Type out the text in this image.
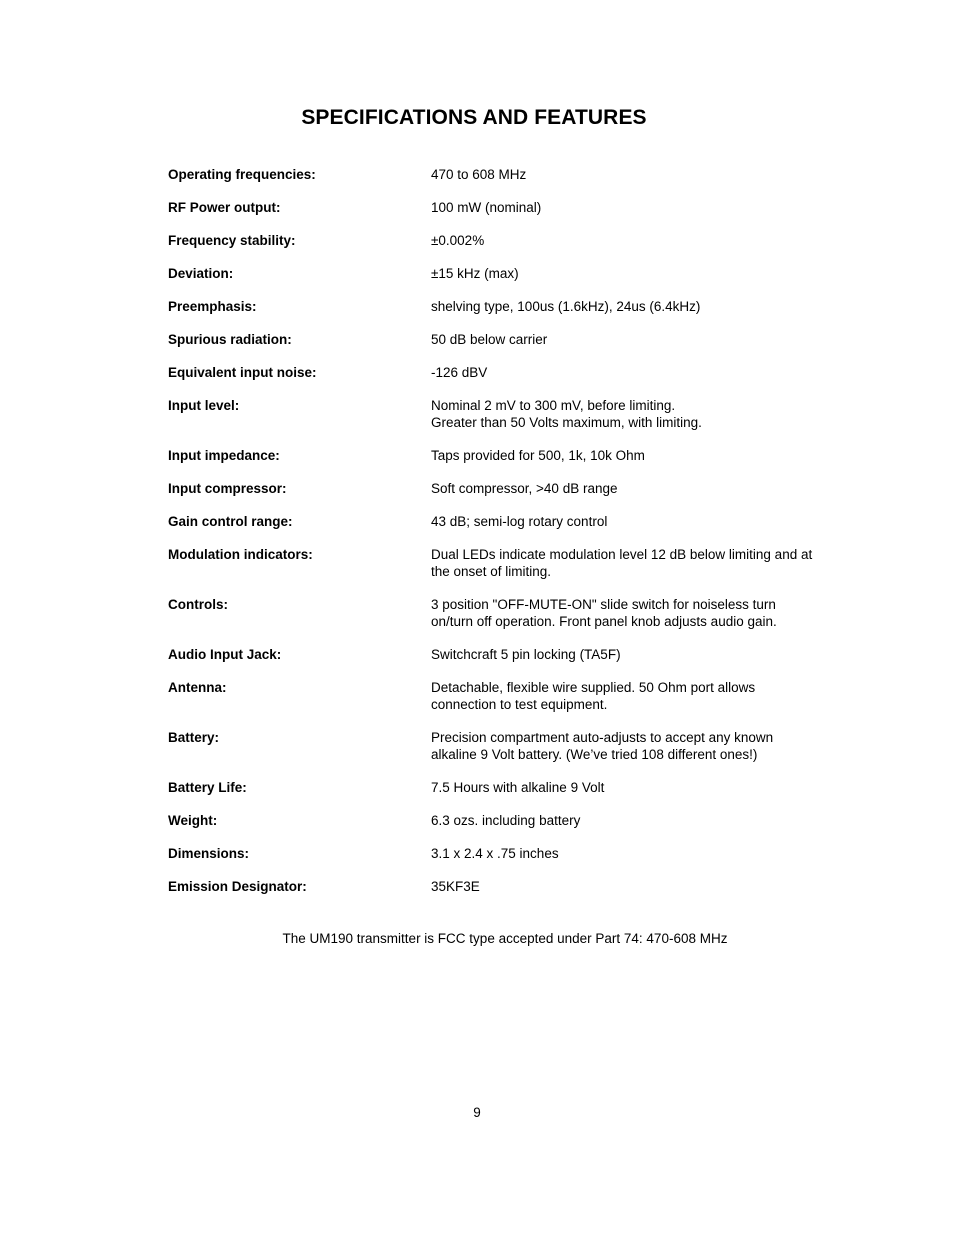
SPECIFICATIONS AND FEATURES
Operating frequencies:	470 to 608 MHz
RF Power output:	100 mW (nominal)
Frequency stability:	±0.002%
Deviation:	±15 kHz (max)
Preemphasis:	shelving type, 100us (1.6kHz), 24us (6.4kHz)
Spurious radiation:	50 dB below carrier
Equivalent input noise:	-126 dBV
Input level:	Nominal 2 mV to 300 mV, before limiting.
Greater than 50 Volts maximum, with limiting.
Input impedance:	Taps provided for 500, 1k, 10k Ohm
Input compressor:	Soft compressor, >40 dB range
Gain control range:	43 dB; semi-log rotary control
Modulation indicators:	Dual LEDs indicate modulation level 12 dB below limiting and at
the onset of limiting.
Controls:	3 position "OFF-MUTE-ON" slide switch for noiseless turn
on/turn off operation. Front panel knob adjusts audio gain.
Audio Input Jack:	Switchcraft 5 pin locking (TA5F)
Antenna:	Detachable, flexible wire supplied. 50 Ohm port allows
connection to test equipment.
Battery:	Precision compartment auto-adjusts to accept any known
alkaline 9 Volt battery. (We’ve tried 108 different ones!)
Battery Life:	7.5 Hours with alkaline 9 Volt
Weight:	6.3 ozs. including battery
Dimensions:	3.1 x 2.4 x .75 inches
Emission Designator:	35KF3E
The UM190 transmitter is FCC type accepted under Part 74: 470-608 MHz
9
